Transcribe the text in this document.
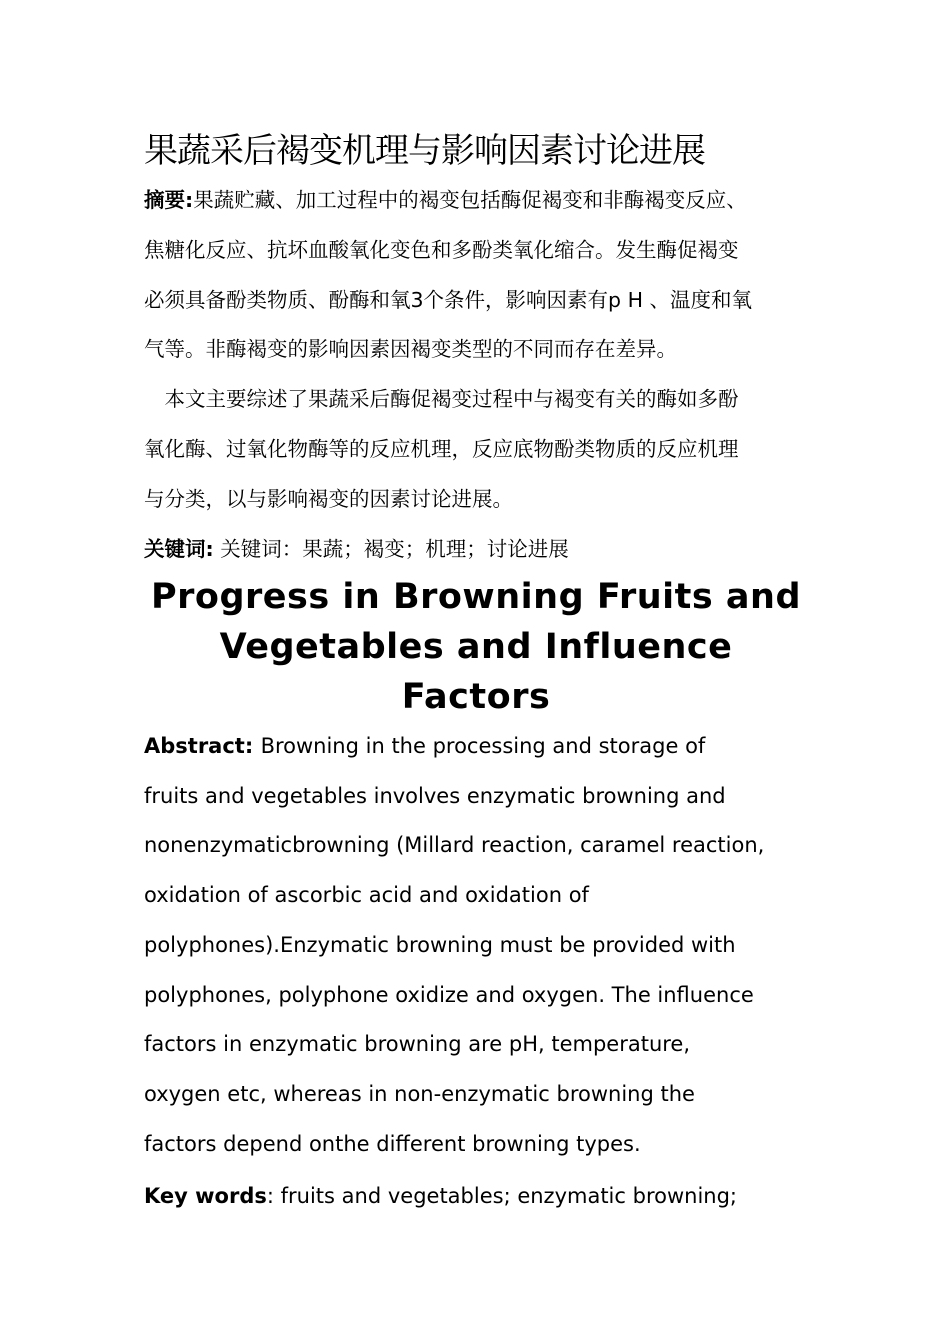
果蔬采后褐变机理与影响因素讨论进展
摘要:果蔬贮藏、加工过程中的褐变包括酶促褐变和非酶褐变反应、
焦糖化反应、抗坏血酸氧化变色和多酚类氧化缩合。发生酶促褐变
必须具备酚类物质、酚酶和氧3个条件，影响因素有p H 、温度和氧
气等。非酶褐变的影响因素因褐变类型的不同而存在差异。
　本文主要综述了果蔬采后酶促褐变过程中与褐变有关的酶如多酚
氧化酶、过氧化物酶等的反应机理，反应底物酚类物质的反应机理
与分类，以与影响褐变的因素讨论进展。
关键词: 关键词：果蔬；褐变；机理；讨论进展
Progress in Browning Fruits and
Vegetables and Influence
Factors
Abstract: Browning in the processing and storage of
fruits and vegetables involves enzymatic browning and
nonenzymaticbrowning (Millard reaction, caramel reaction,
oxidation of ascorbic acid and oxidation of
polyphones).Enzymatic browning must be provided with
polyphones, polyphone oxidize and oxygen. The influence
factors in enzymatic browning are pH, temperature,
oxygen etc, whereas in non-enzymatic browning the
factors depend onthe different browning types.
Key words: fruits and vegetables; enzymatic browning;
